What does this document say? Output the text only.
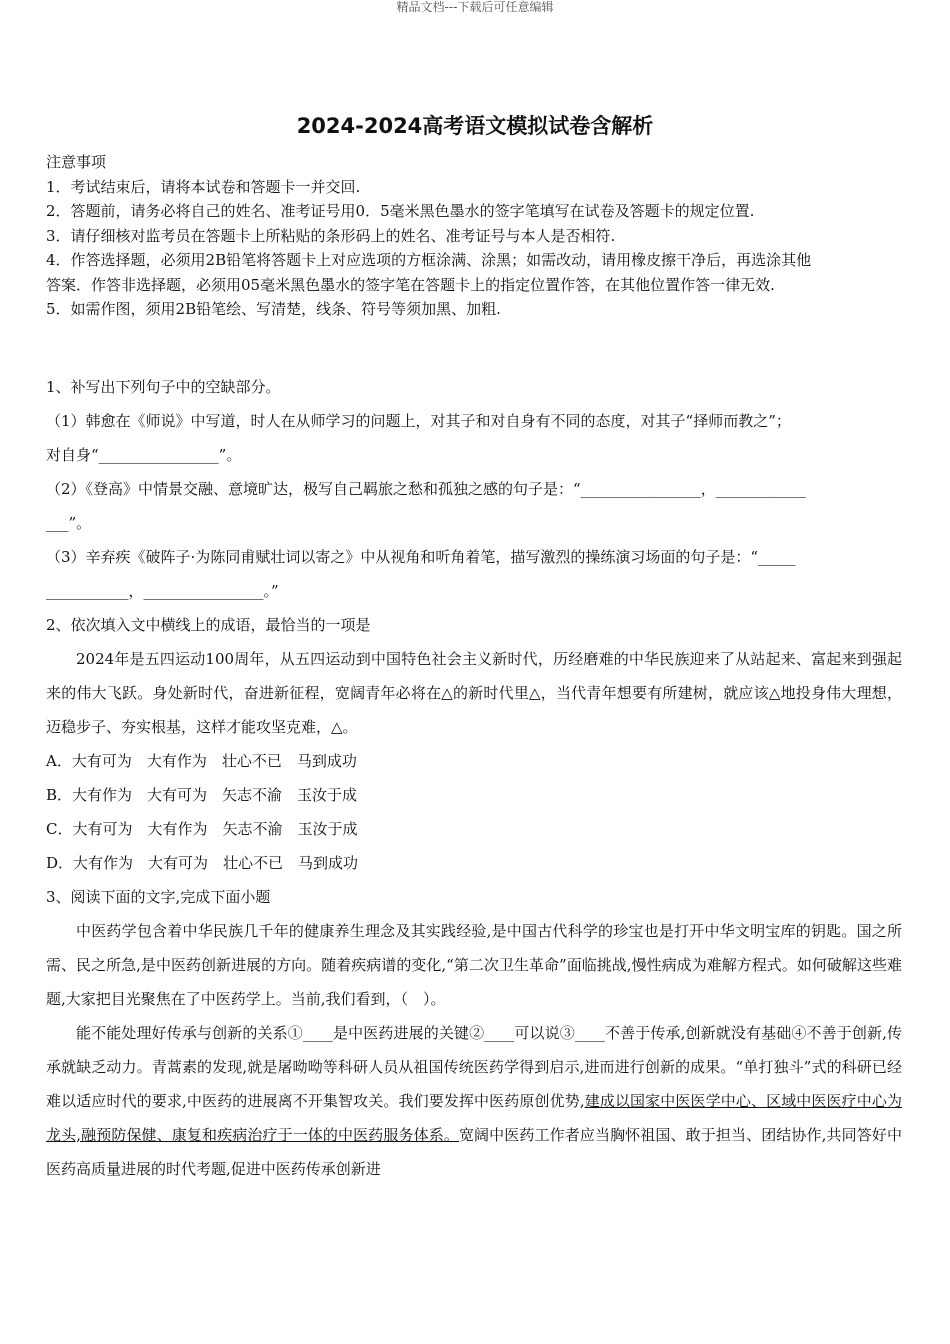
精品文档---下载后可任意编辑
2024-2024高考语文模拟试卷含解析
注意事项
1．考试结束后，请将本试卷和答题卡一并交回.
2．答题前，请务必将自己的姓名、准考证号用0．5毫米黑色墨水的签字笔填写在试卷及答题卡的规定位置.
3．请仔细核对监考员在答题卡上所粘贴的条形码上的姓名、准考证号与本人是否相符.
4．作答选择题，必须用2B铅笔将答题卡上对应选项的方框涂满、涂黑；如需改动，请用橡皮擦干净后，再选涂其他
答案．作答非选择题，必须用05毫米黑色墨水的签字笔在答题卡上的指定位置作答，在其他位置作答一律无效.
5．如需作图，须用2B铅笔绘、写清楚，线条、符号等须加黑、加粗.
1、补写出下列句子中的空缺部分。
（1）韩愈在《师说》中写道，时人在从师学习的问题上，对其子和对自身有不同的态度，对其子“择师而教之”；
对自身“________________”。
（2）《登高》中情景交融、意境旷达，极写自己羁旅之愁和孤独之感的句子是：“________________，____________
___”。
（3）辛弃疾《破阵子·为陈同甫赋壮词以寄之》中从视角和听角着笔，描写激烈的操练演习场面的句子是：“_____
___________，________________。”
2、依次填入文中横线上的成语，最恰当的一项是
2024年是五四运动100周年，从五四运动到中国特色社会主义新时代，历经磨难的中华民族迎来了从站起来、富起来到强起来的伟大飞跃。身处新时代，奋进新征程，宽阔青年必将在△的新时代里△，当代青年想要有所建树，就应该△地投身伟大理想，迈稳步子、夯实根基，这样才能攻坚克难，△。
A．大有可为　大有作为　壮心不已　马到成功
B．大有作为　大有可为　矢志不渝　玉汝于成
C．大有可为　大有作为　矢志不渝　玉汝于成
D．大有作为　大有可为　壮心不已　马到成功
3、阅读下面的文字,完成下面小题
中医药学包含着中华民族几千年的健康养生理念及其实践经验,是中国古代科学的珍宝也是打开中华文明宝库的钥匙。国之所需、民之所急,是中医药创新进展的方向。随着疾病谱的变化,“第二次卫生革命”面临挑战,慢性病成为难解方程式。如何破解这些难题,大家把目光聚焦在了中医药学上。当前,我们看到，（　）。
能不能处理好传承与创新的关系①____是中医药进展的关键②____可以说③____不善于传承,创新就没有基础④不善于创新,传承就缺乏动力。青蒿素的发现,就是屠呦呦等科研人员从祖国传统医药学得到启示,进而进行创新的成果。“单打独斗”式的科研已经难以适应时代的要求,中医药的进展离不开集智攻关。我们要发挥中医药原创优势,建成以国家中医医学中心、区域中医医疗中心为龙头,融预防保健、康复和疾病治疗于一体的中医药服务体系。宽阔中医药工作者应当胸怀祖国、敢于担当、团结协作,共同答好中医药高质量进展的时代考题,促进中医药传承创新进
